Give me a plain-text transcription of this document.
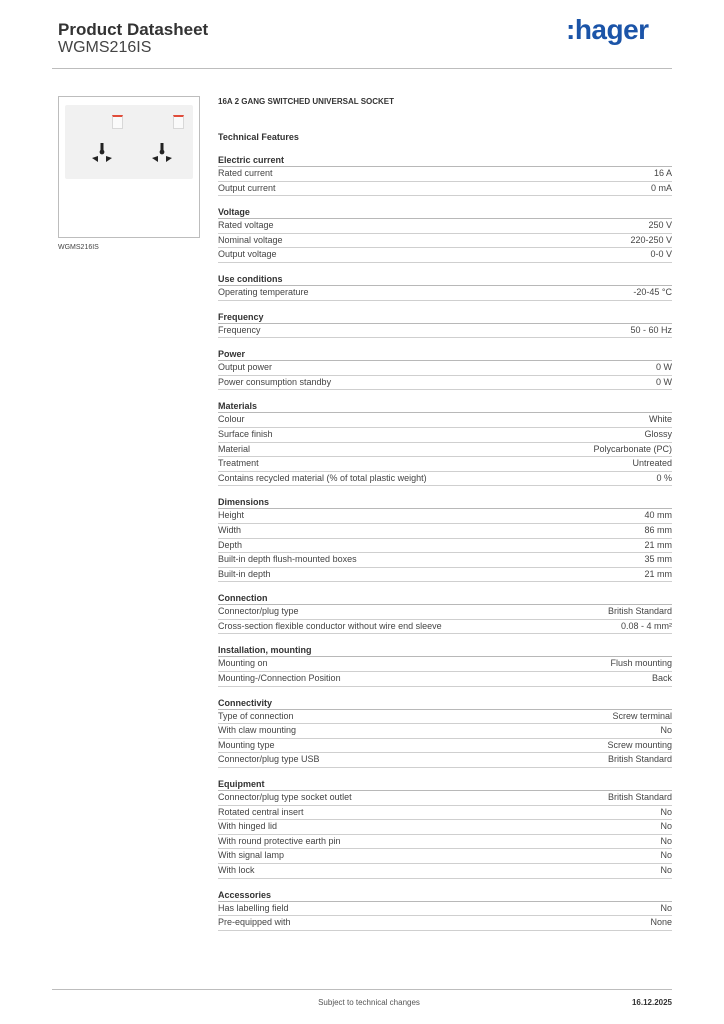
Product Datasheet
WGMS216IS
:hager
WGMS216IS
16A 2 GANG SWITCHED UNIVERSAL SOCKET
Technical Features
Electric current
Rated current	16 A
Output current	0 mA
Voltage
Rated voltage	250 V
Nominal voltage	220-250 V
Output voltage	0-0 V
Use conditions
Operating temperature	-20-45 °C
Frequency
Frequency	50 - 60 Hz
Power
Output power	0 W
Power consumption standby	0 W
Materials
Colour	White
Surface finish	Glossy
Material	Polycarbonate (PC)
Treatment	Untreated
Contains recycled material (% of total plastic weight)	0 %
Dimensions
Height	40 mm
Width	86 mm
Depth	21 mm
Built-in depth flush-mounted boxes	35 mm
Built-in depth	21 mm
Connection
Connector/plug type	British Standard
Cross-section flexible conductor without wire end sleeve	0.08 - 4 mm²
Installation, mounting
Mounting on	Flush mounting
Mounting-/Connection Position	Back
Connectivity
Type of connection	Screw terminal
With claw mounting	No
Mounting type	Screw mounting
Connector/plug type USB	British Standard
Equipment
Connector/plug type socket outlet	British Standard
Rotated central insert	No
With hinged lid	No
With round protective earth pin	No
With signal lamp	No
With lock	No
Accessories
Has labelling field	No
Pre-equipped with	None
Subject to technical changes	16.12.2025
